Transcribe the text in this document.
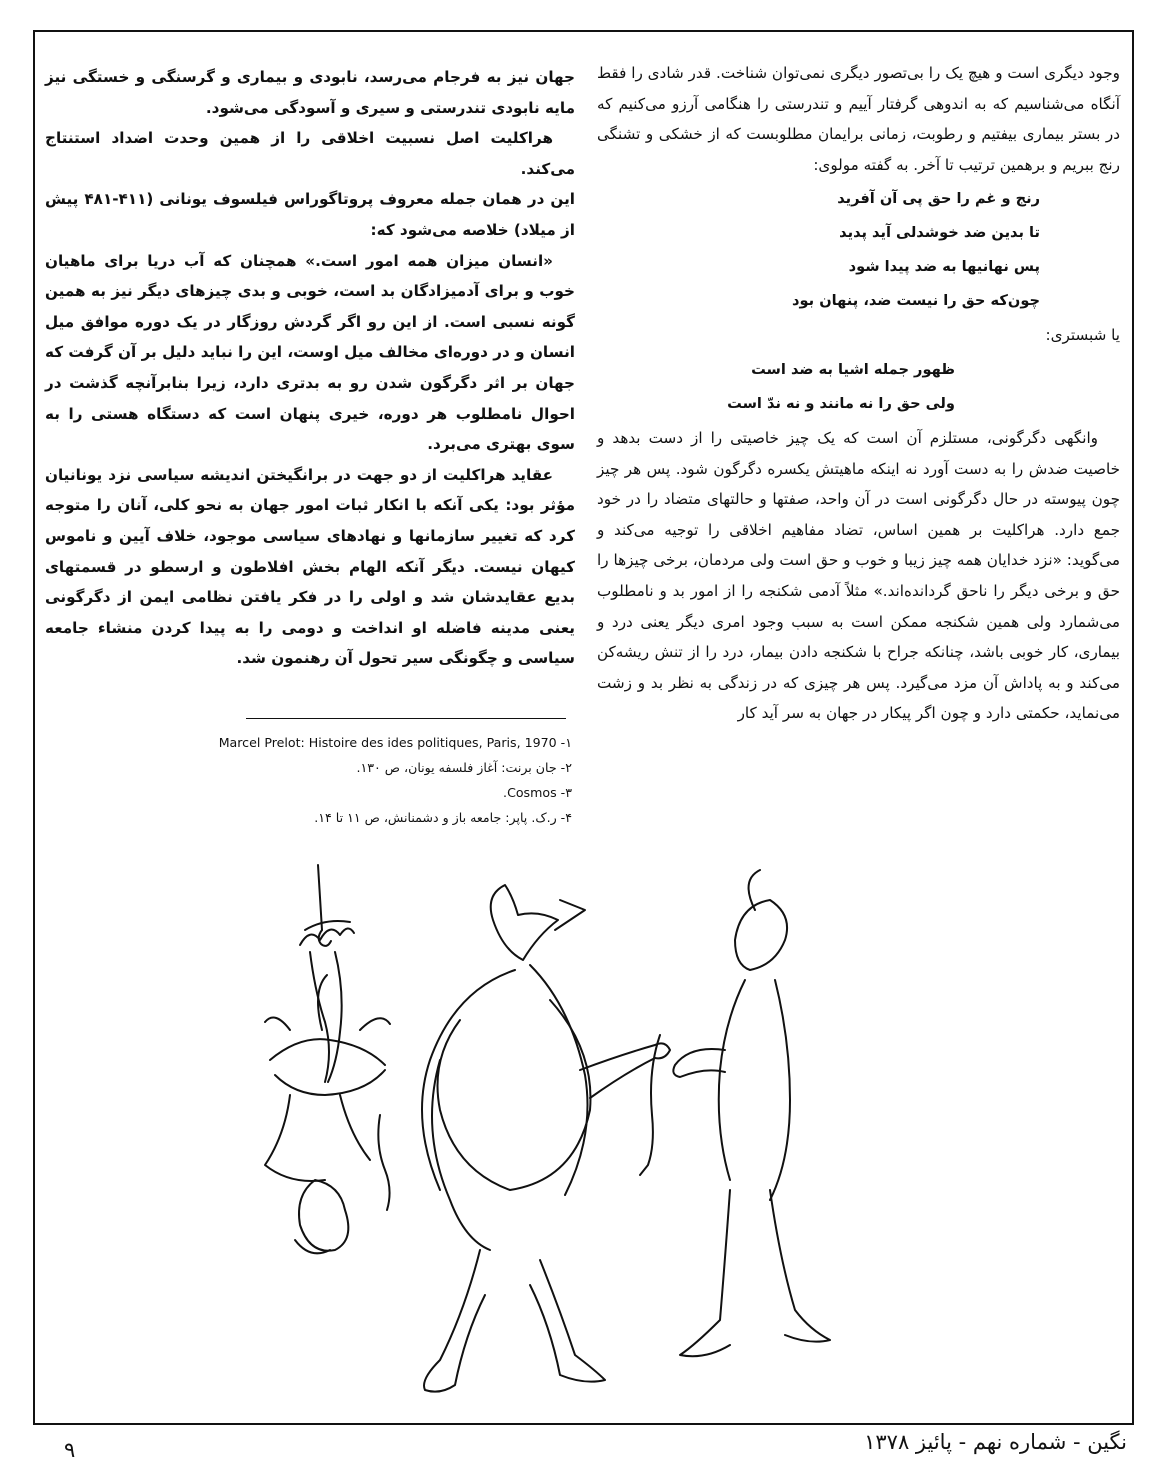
وجود دیگری است و هیچ یک را بی‌تصور دیگری نمی‌توان شناخت. قدر شادی را فقط آنگاه می‌شناسیم که به اندوهی گرفتار آییم و تندرستی را هنگامی آرزو می‌کنیم که در بستر بیماری بیفتیم و رطوبت، زمانی برایمان مطلوبست که از خشکی و تشنگی رنج ببریم و برهمین ترتیب تا آخر. به گفته مولوی:

رنج و غم را حق پی آن آفرید
تا بدین ضد خوشدلی آید پدید
پس نهانیها به ضد پیدا شود
چون‌که حق را نیست ضد، پنهان بود

یا شبستری:

ظهور جمله اشیا به ضد است
ولی حق را نه مانند و نه ندّ است

وانگهی دگرگونی، مستلزم آن است که یک چیز خاصیتی را از دست بدهد و خاصیت ضدش را به دست آورد نه اینکه ماهیتش یکسره دگرگون شود. پس هر چیز چون پیوسته در حال دگرگونی است در آن واحد، صفتها و حالتهای متضاد را در خود جمع دارد. هراکلیت بر همین اساس، تضاد مفاهیم اخلاقی را توجیه می‌کند و می‌گوید: «نزد خدایان همه چیز زیبا و خوب و حق است ولی مردمان، برخی چیزها را حق و برخی دیگر را ناحق گردانده‌اند.» مثلاً آدمی شکنجه را از امور بد و نامطلوب می‌شمارد ولی همین شکنجه ممکن است به سبب وجود امری دیگر یعنی درد و بیماری، کار خوبی باشد، چنانکه جراح با شکنجه دادن بیمار، درد را از تنش ریشه‌کن می‌کند و به پاداش آن مزد می‌گیرد. پس هر چیزی که در زندگی به نظر بد و زشت می‌نماید، حکمتی دارد و چون اگر پیکار در جهان به سر آید کار

جهان نیز به فرجام می‌رسد، نابودی و بیماری و گرسنگی و خستگی نیز مایه نابودی تندرستی و سیری و آسودگی می‌شود.

هراکلیت اصل نسبیت اخلاقی را از همین وحدت اضداد استنتاج می‌کند.

این در همان جمله معروف پروتاگوراس فیلسوف یونانی (۴۱۱-۴۸۱ پیش از میلاد) خلاصه می‌شود که:

«انسان میزان همه امور است.» همچنان که آب دریا برای ماهیان خوب و برای آدمیزادگان بد است، خوبی و بدی چیزهای دیگر نیز به همین گونه نسبی است. از این رو اگر گردش روزگار در یک دوره موافق میل انسان و در دوره‌ای مخالف میل اوست، این را نباید دلیل بر آن گرفت که جهان بر اثر دگرگون شدن رو به بدتری دارد، زیرا بنابرآنچه گذشت در احوال نامطلوب هر دوره، خیری پنهان است که دستگاه هستی را به سوی بهتری می‌برد.

عقاید هراکلیت از دو جهت در برانگیختن اندیشه سیاسی نزد یونانیان مؤثر بود: یکی آنکه با انکار ثبات امور جهان به نحو کلی، آنان را متوجه کرد که تغییر سازمانها و نهادهای سیاسی موجود، خلاف آیین و ناموس کیهان نیست. دیگر آنکه الهام بخش افلاطون و ارسطو در قسمتهای بدیع عقایدشان شد و اولی را در فکر یافتن نظامی ایمن از دگرگونی یعنی مدینه فاضله او انداخت و دومی را به پیدا کردن منشاء جامعه سیاسی و چگونگی سیر تحول آن رهنمون شد.

۱- Marcel Prelot: Histoire des ides politiques, Paris, 1970
۲- جان برنت: آغاز فلسفه یونان، ص ۱۳۰.
۳- Cosmos.
۴- ر.ک. پاپر: جامعه باز و دشمنانش، ص ۱۱ تا ۱۴.
نگین - شماره نهم - پائیز ۱۳۷۸
۹
